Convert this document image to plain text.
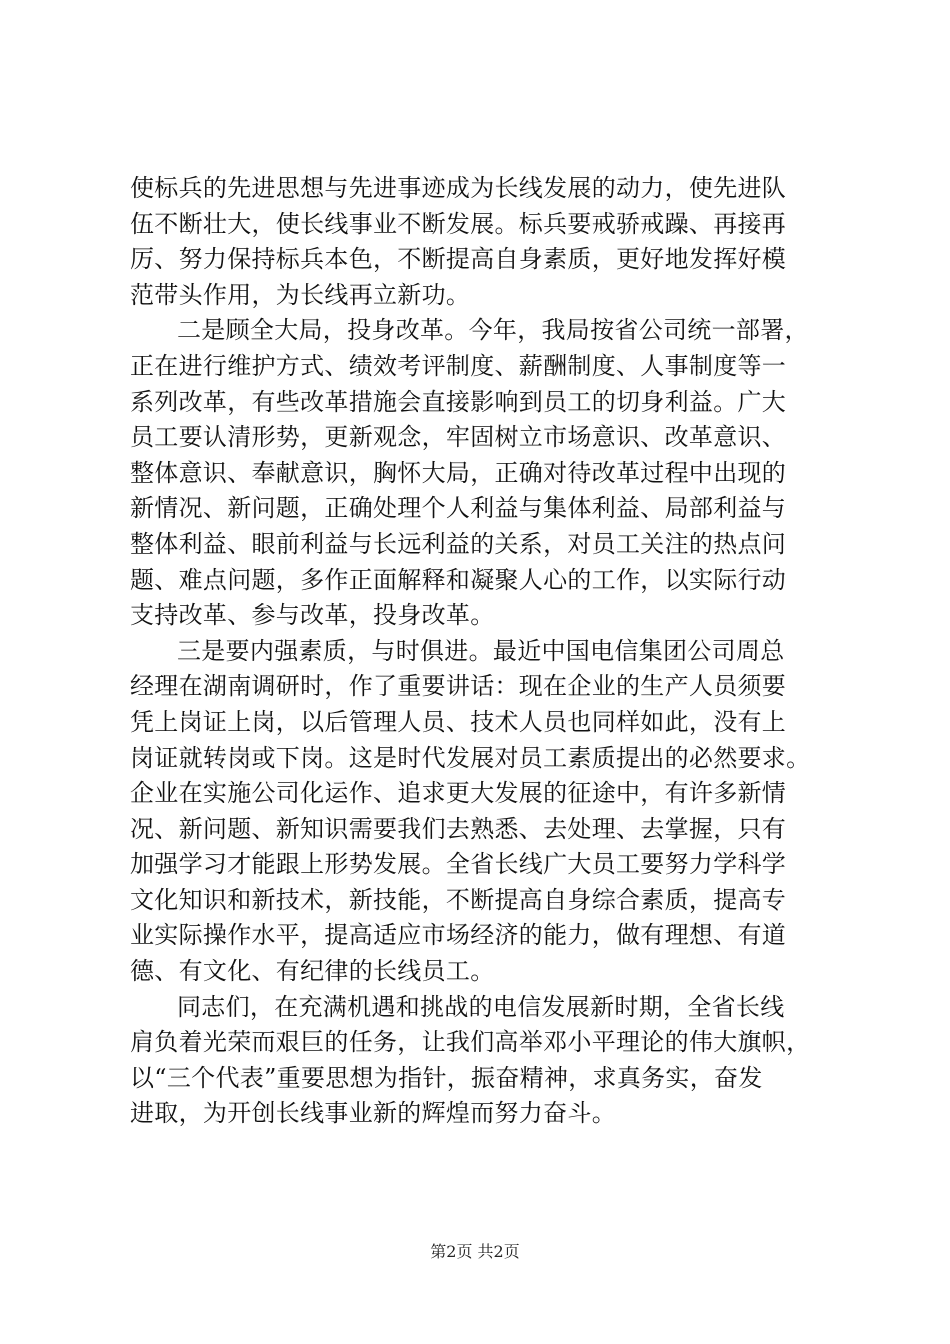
使标兵的先进思想与先进事迹成为长线发展的动力，使先进队
伍不断壮大，使长线事业不断发展。标兵要戒骄戒躁、再接再
厉、努力保持标兵本色，不断提高自身素质，更好地发挥好模
范带头作用，为长线再立新功。
二是顾全大局，投身改革。今年，我局按省公司统一部署，
正在进行维护方式、绩效考评制度、薪酬制度、人事制度等一
系列改革，有些改革措施会直接影响到员工的切身利益。广大
员工要认清形势，更新观念，牢固树立市场意识、改革意识、
整体意识、奉献意识，胸怀大局，正确对待改革过程中出现的
新情况、新问题，正确处理个人利益与集体利益、局部利益与
整体利益、眼前利益与长远利益的关系，对员工关注的热点问
题、难点问题，多作正面解释和凝聚人心的工作，以实际行动
支持改革、参与改革，投身改革。
三是要内强素质，与时俱进。最近中国电信集团公司周总
经理在湖南调研时，作了重要讲话：现在企业的生产人员须要
凭上岗证上岗，以后管理人员、技术人员也同样如此，没有上
岗证就转岗或下岗。这是时代发展对员工素质提出的必然要求。
企业在实施公司化运作、追求更大发展的征途中，有许多新情
况、新问题、新知识需要我们去熟悉、去处理、去掌握，只有
加强学习才能跟上形势发展。全省长线广大员工要努力学科学
文化知识和新技术，新技能，不断提高自身综合素质，提高专
业实际操作水平，提高适应市场经济的能力，做有理想、有道
德、有文化、有纪律的长线员工。
同志们，在充满机遇和挑战的电信发展新时期，全省长线
肩负着光荣而艰巨的任务，让我们高举邓小平理论的伟大旗帜，
以“三个代表”重要思想为指针，振奋精神，求真务实，奋发
进取，为开创长线事业新的辉煌而努力奋斗。
第2页 共2页
